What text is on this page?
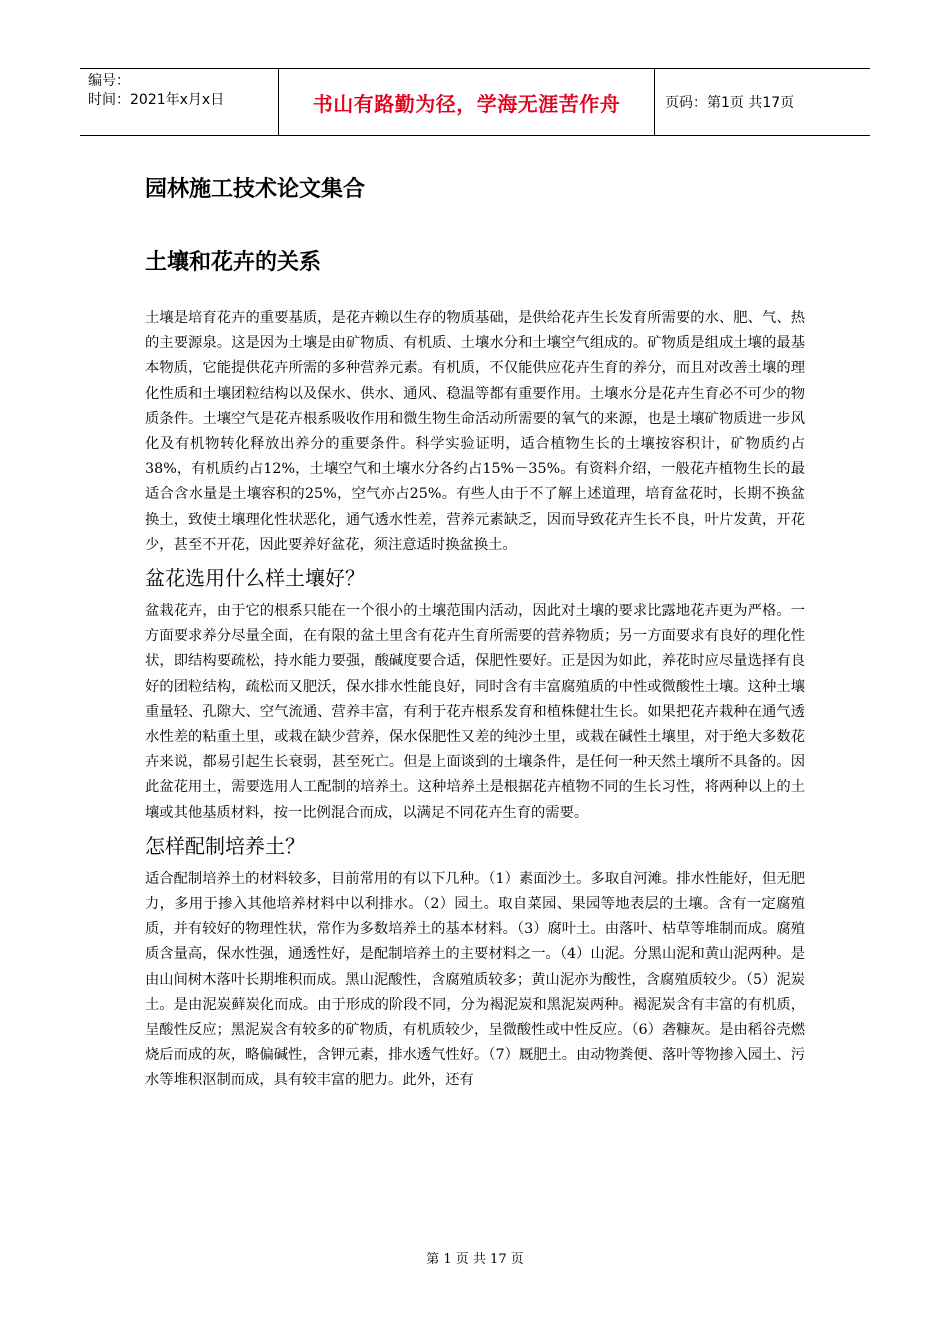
编号：
时间：2021年x月x日	书山有路勤为径，学海无涯苦作舟	页码：第1页 共17页
园林施工技术论文集合
土壤和花卉的关系

土壤是培育花卉的重要基质，是花卉赖以生存的物质基础，是供给花卉生长发育所需要的水、肥、气、热的主要源泉。这是因为土壤是由矿物质、有机质、土壤水分和土壤空气组成的。矿物质是组成土壤的最基本物质，它能提供花卉所需的多种营养元素。有机质，不仅能供应花卉生育的养分，而且对改善土壤的理化性质和土壤团粒结构以及保水、供水、通风、稳温等都有重要作用。土壤水分是花卉生育必不可少的物质条件。土壤空气是花卉根系吸收作用和微生物生命活动所需要的氧气的来源，也是土壤矿物质进一步风化及有机物转化释放出养分的重要条件。科学实验证明，适合植物生长的土壤按容积计，矿物质约占38%，有机质约占12%，土壤空气和土壤水分各约占15%－35%。有资料介绍，一般花卉植物生长的最适合含水量是土壤容积的25%，空气亦占25%。有些人由于不了解上述道理，培育盆花时，长期不换盆换土，致使土壤理化性状恶化，通气透水性差，营养元素缺乏，因而导致花卉生长不良，叶片发黄，开花少，甚至不开花，因此要养好盆花，须注意适时换盆换土。

盆花选用什么样土壤好？

盆栽花卉，由于它的根系只能在一个很小的土壤范围内活动，因此对土壤的要求比露地花卉更为严格。一方面要求养分尽量全面，在有限的盆土里含有花卉生育所需要的营养物质；另一方面要求有良好的理化性状，即结构要疏松，持水能力要强，酸碱度要合适，保肥性要好。正是因为如此，养花时应尽量选择有良好的团粒结构，疏松而又肥沃，保水排水性能良好，同时含有丰富腐殖质的中性或微酸性土壤。这种土壤重量轻、孔隙大、空气流通、营养丰富，有利于花卉根系发育和植株健壮生长。如果把花卉栽种在通气透水性差的粘重土里，或栽在缺少营养，保水保肥性又差的纯沙土里，或栽在碱性土壤里，对于绝大多数花卉来说，都易引起生长衰弱，甚至死亡。但是上面谈到的土壤条件，是任何一种天然土壤所不具备的。因此盆花用土，需要选用人工配制的培养土。这种培养土是根据花卉植物不同的生长习性，将两种以上的土壤或其他基质材料，按一比例混合而成，以满足不同花卉生育的需要。

怎样配制培养土？

适合配制培养土的材料较多，目前常用的有以下几种。（1）素面沙土。多取自河滩。排水性能好，但无肥力，多用于掺入其他培养材料中以利排水。（2）园土。取自菜园、果园等地表层的土壤。含有一定腐殖质，并有较好的物理性状，常作为多数培养土的基本材料。（3）腐叶土。由落叶、枯草等堆制而成。腐殖质含量高，保水性强，通透性好，是配制培养土的主要材料之一。（4）山泥。分黑山泥和黄山泥两种。是由山间树木落叶长期堆积而成。黑山泥酸性，含腐殖质较多；黄山泥亦为酸性，含腐殖质较少。（5）泥炭土。是由泥炭藓炭化而成。由于形成的阶段不同，分为褐泥炭和黑泥炭两种。褐泥炭含有丰富的有机质，呈酸性反应；黑泥炭含有较多的矿物质，有机质较少，呈微酸性或中性反应。（6）砻糠灰。是由稻谷壳燃烧后而成的灰，略偏碱性，含钾元素，排水透气性好。（7）厩肥土。由动物粪便、落叶等物掺入园土、污水等堆积沤制而成，具有较丰富的肥力。此外，还有

第 1 页 共 17 页
